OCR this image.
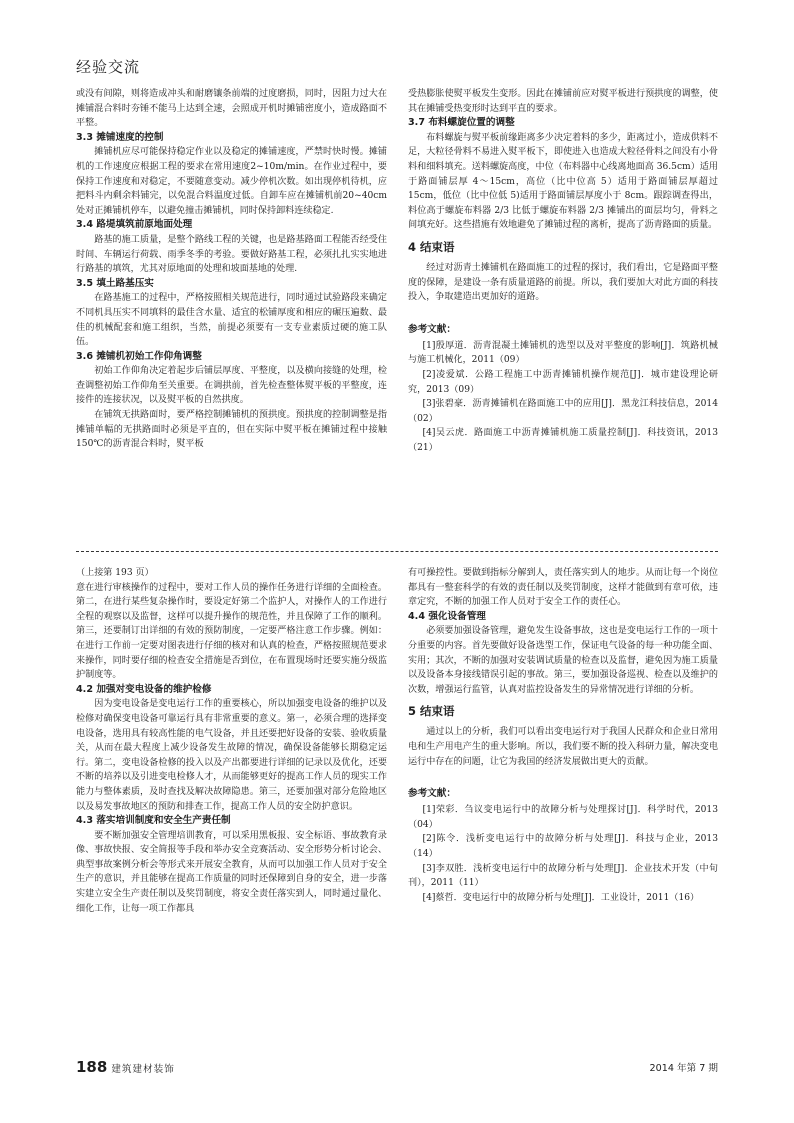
经验交流

或没有间隙，则将造成冲头和耐磨镶条前端的过度磨损，同时，因阻力过大在摊铺混合料时夯锤不能马上达到全速，会照成开机时摊铺密度小，造成路面不平整。

3.3 摊铺速度的控制

摊铺机应尽可能保持稳定作业以及稳定的摊铺速度，严禁时快时慢。摊铺机的工作速度应根据工程的要求在常用速度2~10m/min。在作业过程中，要保持工作速度和对稳定，不要随意变动。减少停机次数。如出现停机待机，应把料斗内剩余料铺完，以免混合料温度过低。自卸车应在摊铺机前20~40cm处对正摊铺机停车，以避免撞击摊铺机，同时保持卸料连续稳定.

3.4 路堤填筑前原地面处理

路基的施工质量，是整个路线工程的关键，也是路基路面工程能否经受住时间、车辆运行荷载、雨季冬季的考验。要做好路基工程，必须扎扎实实地进行路基的填筑，尤其对原地面的处理和坡面基地的处理.

3.5 填土路基压实

在路基施工的过程中，严格按照相关规范进行，同时通过试验路段来确定不同机具压实不同填料的最佳含水量、适宜的松铺厚度和相应的碾压遍数、最佳的机械配套和施工组织，当然，前提必须要有一支专业素质过硬的施工队伍。

3.6 摊铺机初始工作仰角调整

初始工作仰角决定着起步后铺层厚度、平整度，以及横向接缝的处理，检查调整初始工作仰角至关重要。在调拱前，首先检查整体熨平板的平整度，连接件的连接状况，以及熨平板的自然拱度。

在铺筑无拱路面时，要严格控制摊铺机的预拱度。预拱度的控制调整是指摊铺单幅的无拱路面时必须是平直的，但在实际中熨平板在摊铺过程中接触150℃的沥青混合料时，熨平板

受热膨胀使熨平板发生变形。因此在摊铺前应对熨平板进行预拱度的调整，使其在摊铺受热变形时达到平直的要求。

3.7 布料螺旋位置的调整

布料螺旋与熨平板前缘距离多少决定着料的多少，距离过小，造成供料不足，大粒径骨料不易进入熨平板下，即使进入也造成大粒径骨料之间没有小骨料和细料填充。送料螺旋高度，中位（布料器中心线离地面高 36.5cm）适用于路面铺层厚 4～15cm，高位（比中位高 5）适用于路面铺层厚超过 15cm，低位（比中位低 5)适用于路面铺层厚度小于 8cm。跟踪调查得出，料位高于螺旋布料器 2/3 比低于螺旋布料器 2/3 摊铺出的面层均匀，骨料之间填充好。这些措施有效地避免了摊铺过程的离析，提高了沥青路面的质量。

4 结束语

经过对沥青土摊铺机在路面施工的过程的探讨，我们看出，它是路面平整度的保障，是建设一条有质量道路的前提。所以，我们要加大对此方面的科技投入，争取建造出更加好的道路。

参考文献：

[1]殷厚道．沥青混凝土摊铺机的选型以及对平整度的影响[J]．筑路机械与施工机械化，2011（09）

[2]凌爱斌．公路工程施工中沥青摊铺机操作规范[J]．城市建设理论研究，2013（09）

[3]张碧豪．沥青摊铺机在路面施工中的应用[J]．黑龙江科技信息，2014（02）

[4]吴云虎．路面施工中沥青摊铺机施工质量控制[J]．科技资讯，2013（21）

（上接第 193 页）

意在进行审核操作的过程中，要对工作人员的操作任务进行详细的全面检查。第二，在进行某些复杂操作时，要设定好第二个监护人，对操作人的工作进行全程的观察以及监督，这样可以提升操作的规范性，并且保障了工作的顺利。第三，还要制订出详细的有效的预防制度，一定要严格注意工作步骤。例如：在进行工作前一定要对图表进行仔细的核对和认真的检查，严格按照规范要求来操作，同时要仔细的检查安全措施是否到位，在布置现场时还要实施分级监护制度等。

4.2 加强对变电设备的维护检修

因为变电设备是变电运行工作的重要核心，所以加强变电设备的维护以及检修对确保变电设备可靠运行具有非常重要的意义。第一，必须合理的选择变电设备，选用具有较高性能的电气设备，并且还要把好设备的安装、验收质量关，从而在最大程度上减少设备发生故障的情况，确保设备能够长期稳定运行。第二，变电设备检修的投入以及产出都要进行详细的记录以及优化，还要不断的培养以及引进变电检修人才，从而能够更好的提高工作人员的现实工作能力与整体素质，及时查找及解决故障隐患。第三，还要加强对部分危险地区以及易发事故地区的预防和排查工作，提高工作人员的安全防护意识。

4.3 落实培训制度和安全生产责任制

要不断加强安全管理培训教育，可以采用黑板报、安全标语、事故教育录像、事故快报、安全简报等手段和举办安全竞赛活动、安全形势分析讨论会、典型事故案例分析会等形式来开展安全教育，从而可以加强工作人员对于安全生产的意识，并且能够在提高工作质量的同时还保障到自身的安全，进一步落实建立安全生产责任制以及奖罚制度，将安全责任落实到人，同时通过量化、细化工作，让每一项工作都具

有可操控性。要做到指标分解到人，责任落实到人的地步。从而让每一个岗位都具有一整套科学的有效的责任制以及奖罚制度，这样才能做到有章可依，违章定究，不断的加强工作人员对于安全工作的责任心。

4.4 强化设备管理

必须要加强设备管理，避免发生设备事故，这也是变电运行工作的一项十分重要的内容。首先要做好设备选型工作，保证电气设备的每一种功能全面、实用；其次，不断的加强对安装调试质量的检查以及监督，避免因为施工质量以及设备本身接线错误引起的事故。第三，要加强设备巡视、检查以及维护的次数，增强运行监管，认真对监控设备发生的异常情况进行详细的分析。

5 结束语

通过以上的分析，我们可以看出变电运行对于我国人民群众和企业日常用电和生产用电产生的重大影响。所以，我们要不断的投入科研力量，解决变电运行中存在的问题，让它为我国的经济发展做出更大的贡献。

参考文献：

[1]荣彩．刍议变电运行中的故障分析与处理探讨[J]．科学时代，2013（04）

[2]陈令．浅析变电运行中的故障分析与处理[J]．科技与企业，2013（14）

[3]李双胜．浅析变电运行中的故障分析与处理[J]．企业技术开发（中旬刊），2011（11）

[4]蔡哲．变电运行中的故障分析与处理[J]．工业设计，2011（16）

188 建筑建材装饰	2014 年第 7 期
